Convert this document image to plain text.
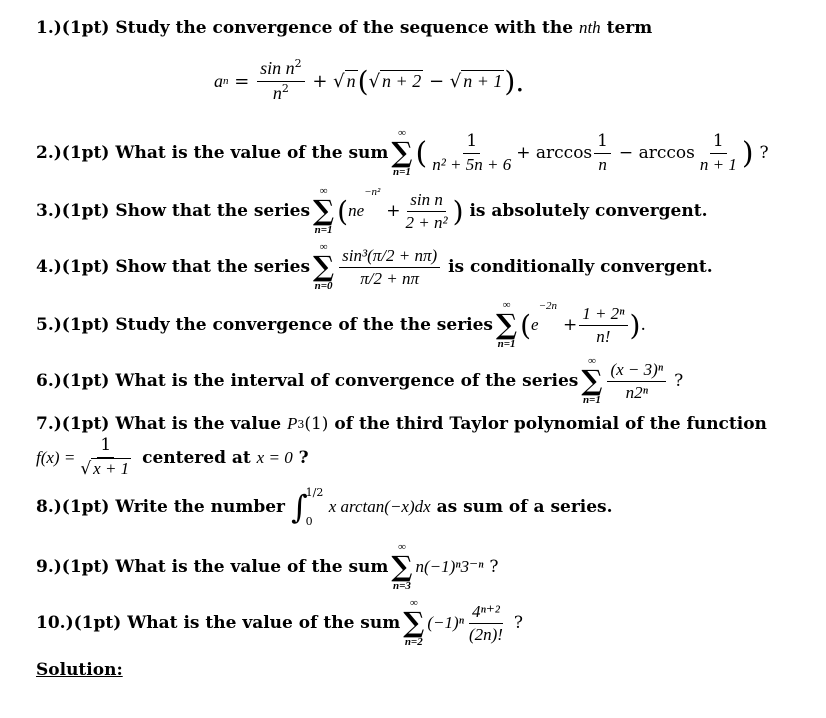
1.)(1pt)
Study the convergence of the sequence with the
nth
term
a n
=
$\frac{\sin n^2}{n^2}$
+
√ n ( √ n + 2
−
√ n + 1 ).
2.)(1pt)
What is the value of the sum
∞
∑
n=1
( $\frac{1}{\text{n² + 5n + 6}} + \arccos \frac{1}{n}$
− $\arccos \frac{1}{n + 1}$ )
?
3.)(1pt)
Show that the series
∞
∑
n=1
( ne
−n²

+ $\frac{\text{sin n}}{\text{2 + n²}}$ )
is absolutely convergent.
4.)(1pt)
Show that the series
∞
∑
$n=0 \frac{\text{sin³(π/2 + nπ)}}{\pi/2 + n\pi}$
is conditionally convergent.
5.)(1pt)
Study the convergence of the the series
∞
∑
n=1
( e
−2n

+ $\frac{\text{1 + 2ⁿ}}{n!}$ ) .
6.)(1pt)
What is the interval of convergence of the series
∞
∑
$n=1 \frac{\text{(x − 3)ⁿ}}{\text{n2ⁿ}}$
?
7.)(1pt)
What is the value
P 3 (1)
of the third Taylor polynomial of the function
$f(x) = \frac{1}{√ x + 1}$
centered at
x = 0
?
8.)(1pt)
Write the number
∫
1/2
0

x arctan(−x)dx
as sum of a series.
9.)(1pt)
What is the value of the sum
∞
∑
n=3
n(−1)ⁿ3⁻ⁿ
?
10.)(1pt)
What is the value of the sum
∞
∑
n=2
$(-1)^n \frac{\text{4ⁿ⁺²}}{(2n)!}$
?
Solution:
